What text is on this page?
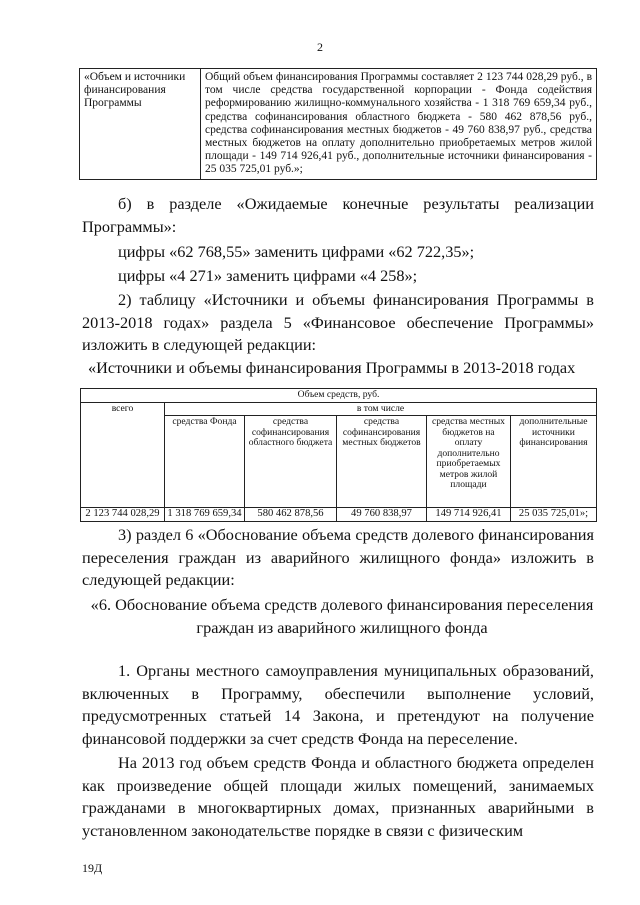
2
«Объем и источники финансирования Программы	Общий объем финансирования Программы составляет 2 123 744 028,29 руб., в том числе средства государственной корпорации - Фонда содействия реформированию жилищно-коммунального хозяйства - 1 318 769 659,34 руб., средства софинансирования областного бюджета - 580 462 878,56 руб., средства софинансирования местных бюджетов - 49 760 838,97 руб., средства местных бюджетов на оплату дополнительно приобретаемых метров жилой площади - 149 714 926,41 руб., дополнительные источники финансирования - 25 035 725,01 руб.»;

б) в разделе «Ожидаемые конечные результаты реализации Программы»:

цифры «62 768,55» заменить цифрами «62 722,35»;

цифры «4 271» заменить цифрами «4 258»;

2) таблицу «Источники и объемы финансирования Программы в 2013-2018 годах» раздела 5 «Финансовое обеспечение Программы» изложить в следующей редакции:

«Источники и объемы финансирования Программы в 2013-2018 годах

Объем средств, руб.					
всего	в том числе				
	средства Фонда	средства софинансирования областного бюджета	средства софинансирования местных бюджетов	средства местных бюджетов на оплату дополнительно приобретаемых метров жилой площади	дополнительные источники финансирования
2 123 744 028,29	1 318 769 659,34	580 462 878,56	49 760 838,97	149 714 926,41	25 035 725,01»;

3) раздел 6 «Обоснование объема средств долевого финансирования переселения граждан из аварийного жилищного фонда» изложить в следующей редакции:

«6. Обоснование объема средств долевого финансирования переселения граждан из аварийного жилищного фонда

1. Органы местного самоуправления муниципальных образований, включенных в Программу, обеспечили выполнение условий, предусмотренных статьей 14 Закона, и претендуют на получение финансовой поддержки за счет средств Фонда на переселение.

На 2013 год объем средств Фонда и областного бюджета определен как произведение общей площади жилых помещений, занимаемых гражданами в многоквартирных домах, признанных аварийными в установленном законодательстве порядке в связи с физическим

19Д
